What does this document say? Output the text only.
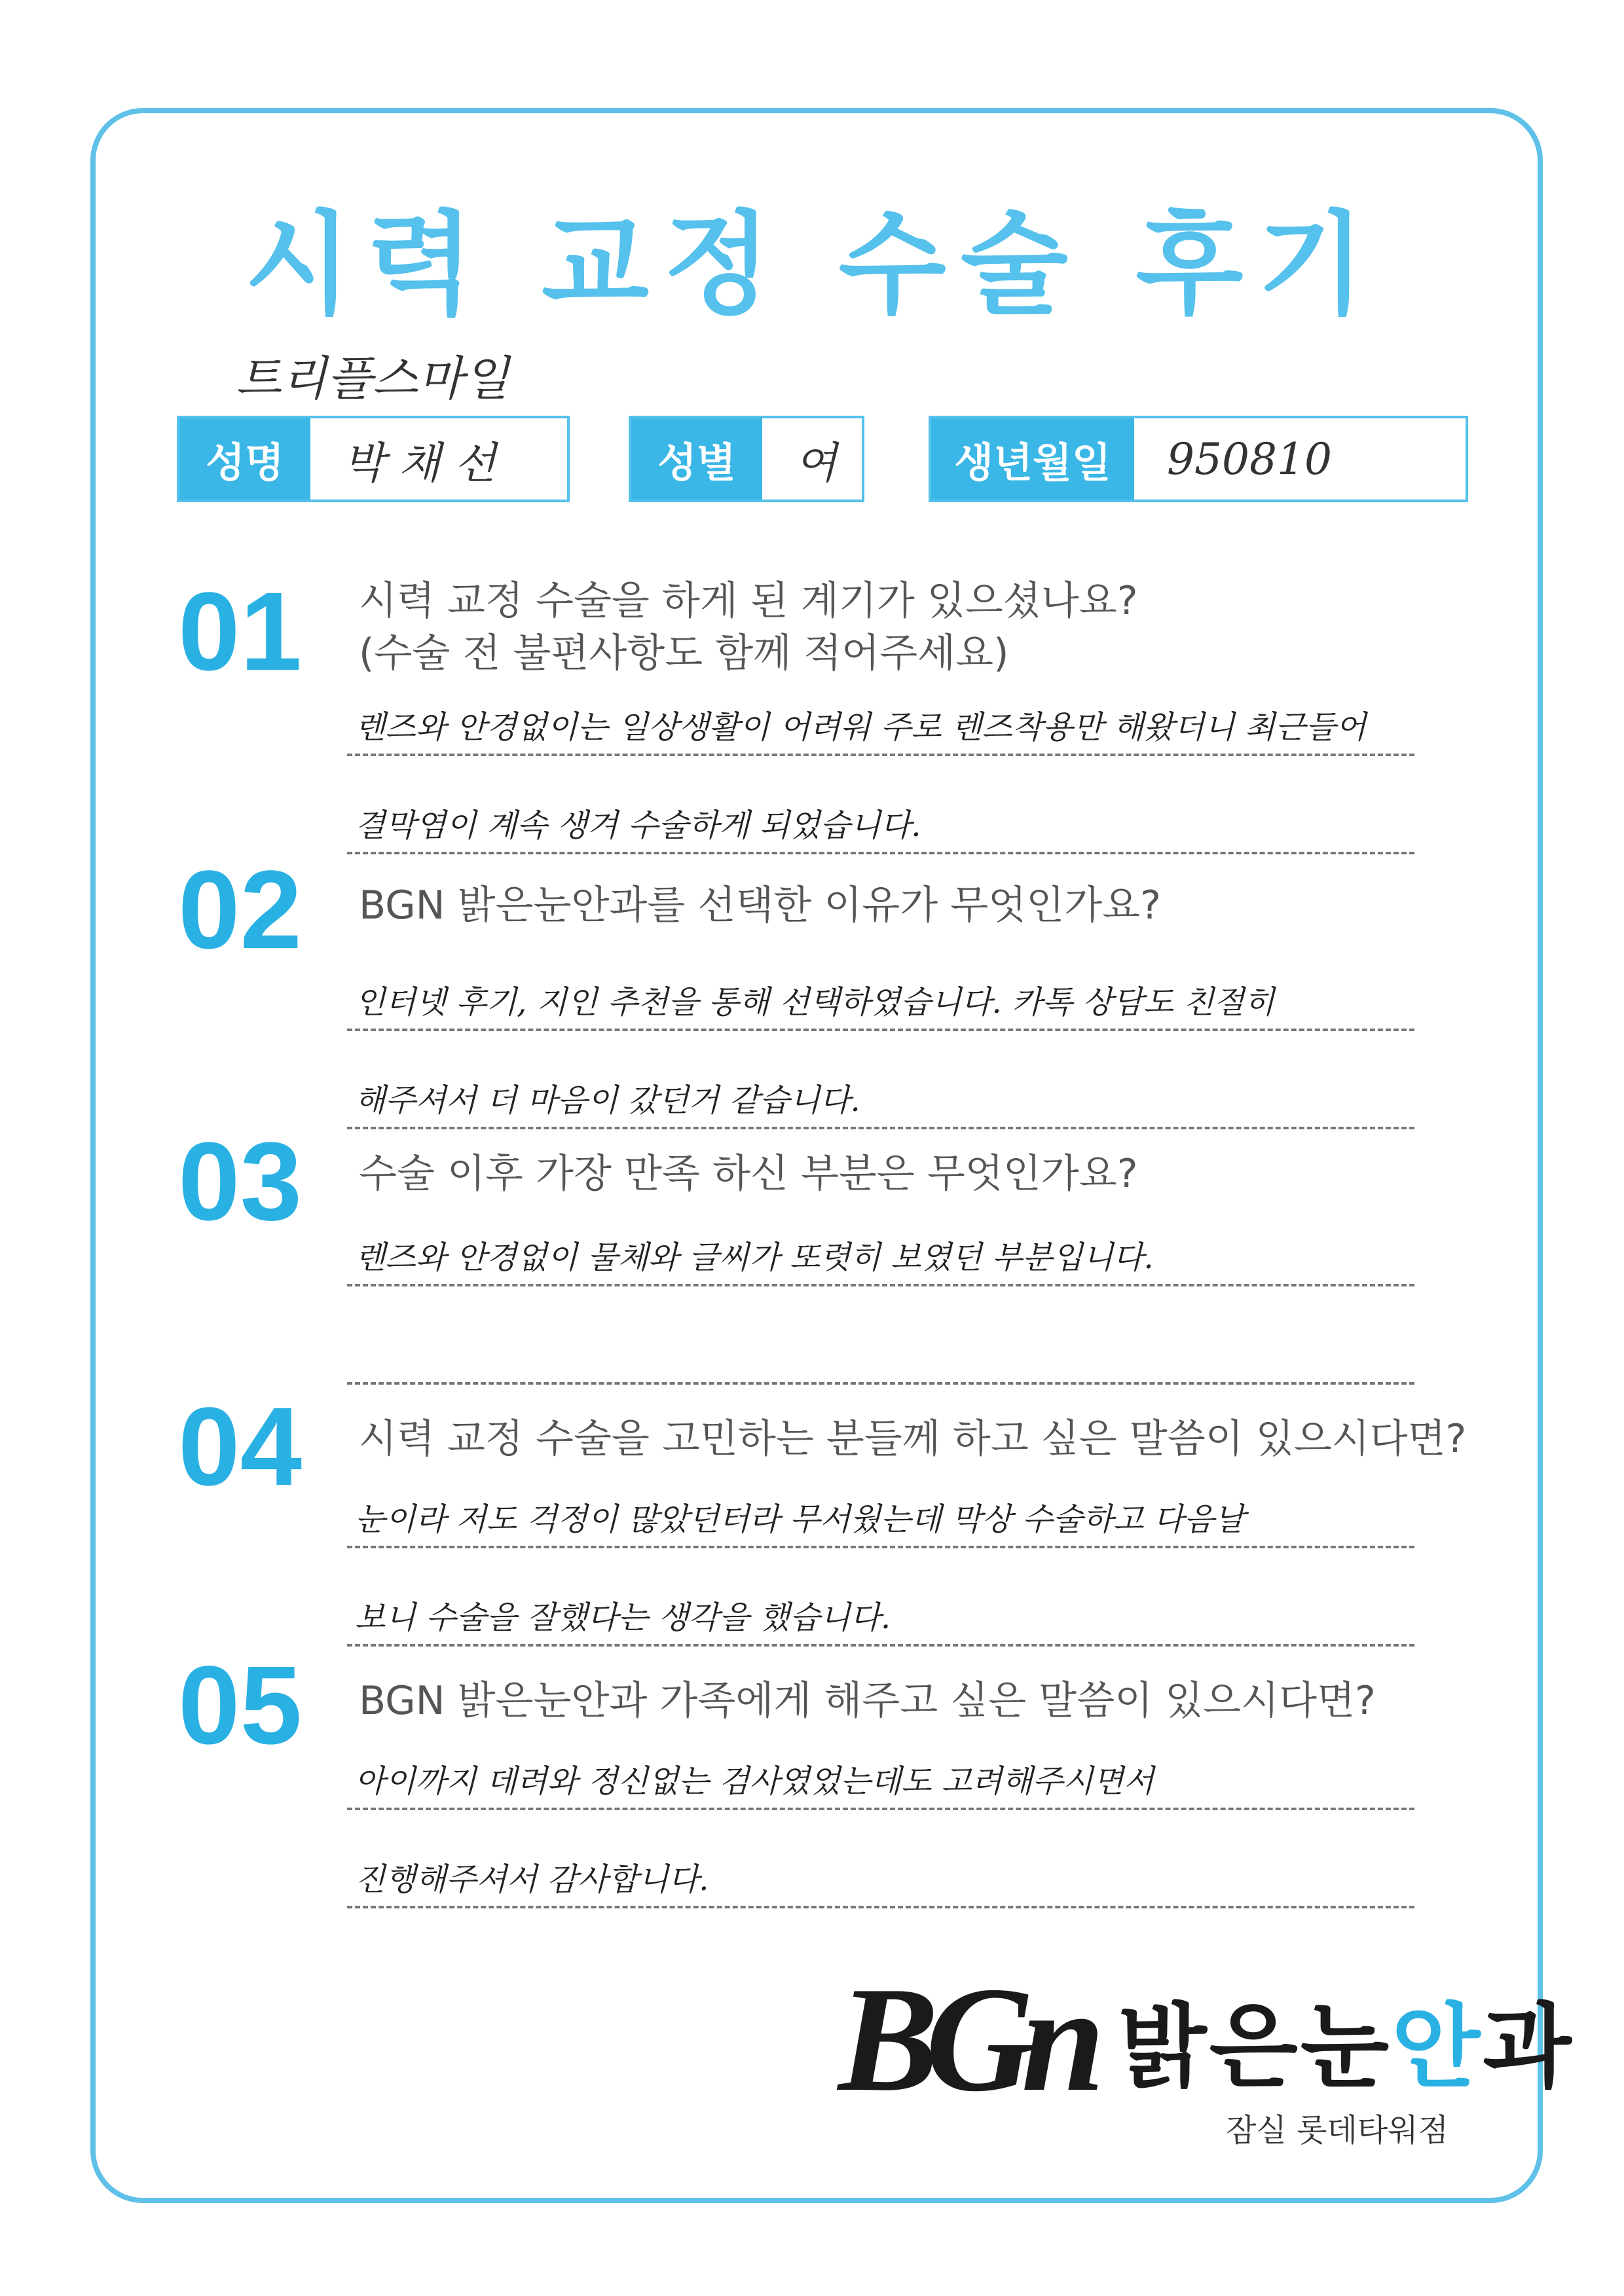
시력 교정 수술 후기
트리플스마일
성명	박 채 선	성별	여	생년월일	950810
01 시력 교정 수술을 하게 된 계기가 있으셨나요?
(수술 전 불편사항도 함께 적어주세요)
렌즈와 안경없이는 일상생활이 어려워 주로 렌즈착용만 해왔더니 최근들어
결막염이 계속 생겨 수술하게 되었습니다.
02 BGN 밝은눈안과를 선택한 이유가 무엇인가요?
인터넷 후기, 지인 추천을 통해 선택하였습니다. 카톡 상담도 친절히
해주셔서 더 마음이 갔던거 같습니다.
03 수술 이후 가장 만족 하신 부분은 무엇인가요?
렌즈와 안경없이 물체와 글씨가 또렷히 보였던 부분입니다.
04 시력 교정 수술을 고민하는 분들께 하고 싶은 말씀이 있으시다면?
눈이라 저도 걱정이 많았던터라 무서웠는데 막상 수술하고 다음날
보니 수술을 잘했다는 생각을 했습니다.
05 BGN 밝은눈안과 가족에게 해주고 싶은 말씀이 있으시다면?
아이까지 데려와 정신없는 검사였었는데도 고려해주시면서
진행해주셔서 감사합니다.
BGn 밝은눈안과
잠실 롯데타워점
